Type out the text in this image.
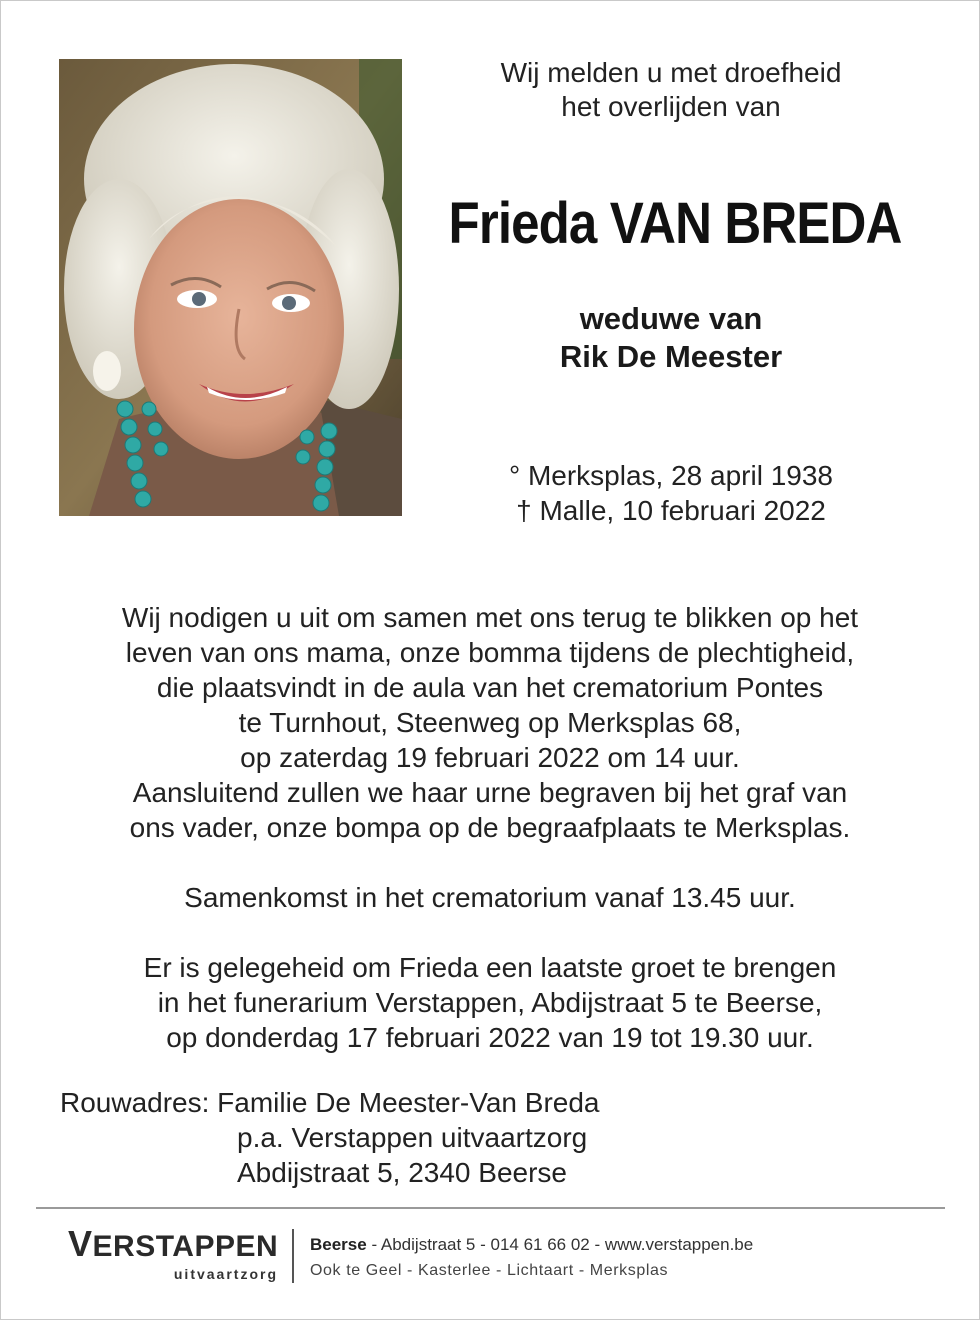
Wij melden u met droefheid
het overlijden van
Frieda VAN BREDA
weduwe van
Rik De Meester
° Merksplas, 28 april 1938
† Malle, 10 februari 2022
Wij nodigen u uit om samen met ons terug te blikken op het
leven van ons mama, onze bomma tijdens de plechtigheid,
die plaatsvindt in de aula van het crematorium Pontes
te Turnhout, Steenweg op Merksplas 68,
op zaterdag 19 februari 2022 om 14 uur.
Aansluitend zullen we haar urne begraven bij het graf van
ons vader, onze bompa op de begraafplaats te Merksplas.
Samenkomst in het crematorium vanaf 13.45 uur.
Er is gelegeheid om Frieda een laatste groet te brengen
in het funerarium Verstappen, Abdijstraat 5 te Beerse,
op donderdag 17 februari 2022 van 19 tot 19.30 uur.
Rouwadres: Familie De Meester-Van Breda
p.a. Verstappen uitvaartzorg
Abdijstraat 5, 2340 Beerse
VERSTAPPEN
uitvaartzorg
Beerse - Abdijstraat 5 - 014 61 66 02 - www.verstappen.be
Ook te Geel - Kasterlee - Lichtaart - Merksplas
